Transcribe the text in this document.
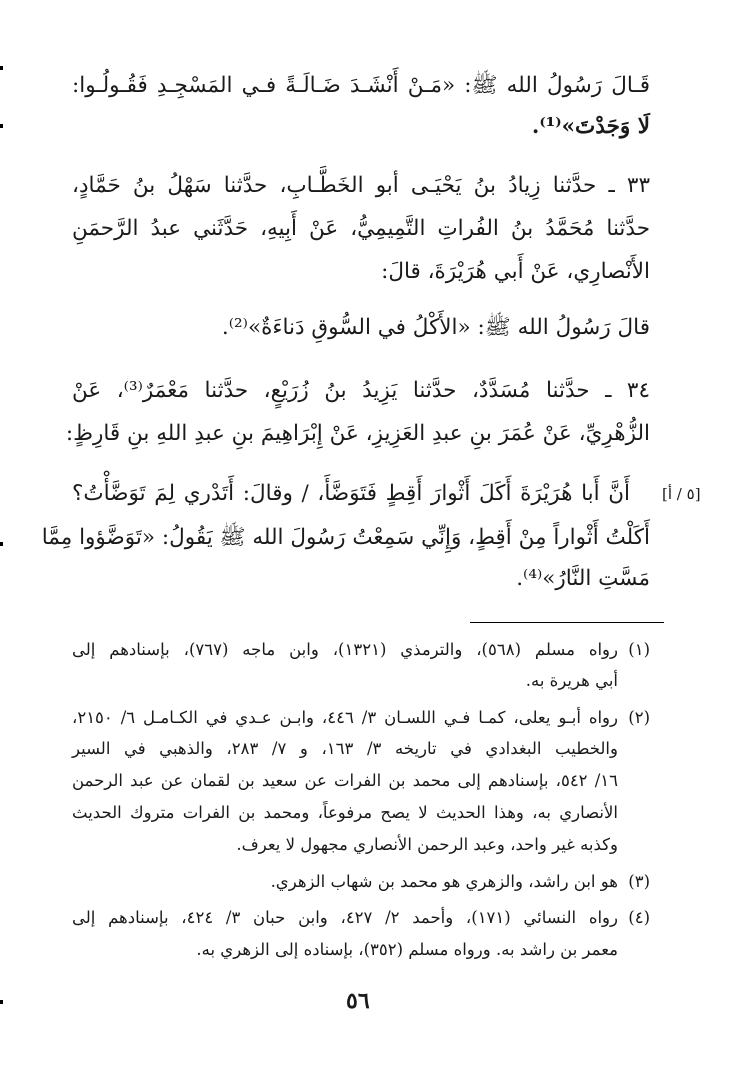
قَـالَ رَسُولُ الله ﷺ: «مَـنْ أَنْشَـدَ ضَـالَـةً فـي المَسْجِـدِ فَقُـولُـوا:
لَا وَجَدْتَ»⁽¹⁾.
٣٣ ـ حدَّثنا زِيادُ بنُ يَحْيَـى أبو الخَطَّـابِ، حدَّثنا سَهْلُ بنُ حَمَّادٍ،
حدَّثنا مُحَمَّدُ بنُ الفُراتِ التَّمِيمِيُّ، عَنْ أَبِيهِ، حَدَّثَني عبدُ الرَّحمَنِ
الأَنْصارِي، عَنْ أَبي هُرَيْرَةَ، قالَ:
قالَ رَسُولُ الله ﷺ: «الأَكْلُ في السُّوقِ دَناءَةٌ»⁽²⁾.
٣٤ ـ حدَّثنا مُسَدَّدٌ، حدَّثنا يَزِيدُ بنُ زُرَيْعٍ، حدَّثنا مَعْمَرٌ⁽³⁾، عَنْ
الزُّهْرِيِّ، عَنْ عُمَرَ بنِ عبدِ العَزِيزِ، عَنْ إِبْرَاهِيمَ بنِ عبدِ اللهِ بنِ قَارِظٍ:
[٥ / أ]
أَنَّ أَبا هُرَيْرَةَ أَكَلَ أَثْوارَ أَقِطٍ فَتَوَضَّأَ، / وقالَ: أَتَدْري لِمَ تَوَضَّأْتُ؟
أَكَلْتُ أَثْواراً مِنْ أَقِطٍ، وَإِنِّي سَمِعْتُ رَسُولَ الله ﷺ يَقُولُ: «تَوَضَّؤوا مِمَّا
مَسَّتِ النَّارُ»⁽⁴⁾.
(١)
رواه مسلم (٥٦٨)، والترمذي (١٣٢١)، وابن ماجه (٧٦٧)، بإسنادهم إلى
أبي هريرة به.
(٢)
رواه أبـو يعلى، كمـا فـي اللسـان ٣/ ٤٤٦، وابـن عـدي في الكـامـل ٦/ ٢١٥٠،
والخطيب البغدادي في تاريخه ٣/ ١٦٣، و ٧/ ٢٨٣، والذهبي في السير
١٦/ ٥٤٢، بإسنادهم إلى محمد بن الفرات عن سعيد بن لقمان عن عبد الرحمن
الأنصاري به، وهذا الحديث لا يصح مرفوعاً، ومحمد بن الفرات متروك الحديث
وكذبه غير واحد، وعبد الرحمن الأنصاري مجهول لا يعرف.
(٣)
هو ابن راشد، والزهري هو محمد بن شهاب الزهري.
(٤)
رواه النسائي (١٧١)، وأحمد ٢/ ٤٢٧، وابن حبان ٣/ ٤٢٤، بإسنادهم إلى
معمر بن راشد به. ورواه مسلم (٣٥٢)، بإسناده إلى الزهري به.
٥٦
